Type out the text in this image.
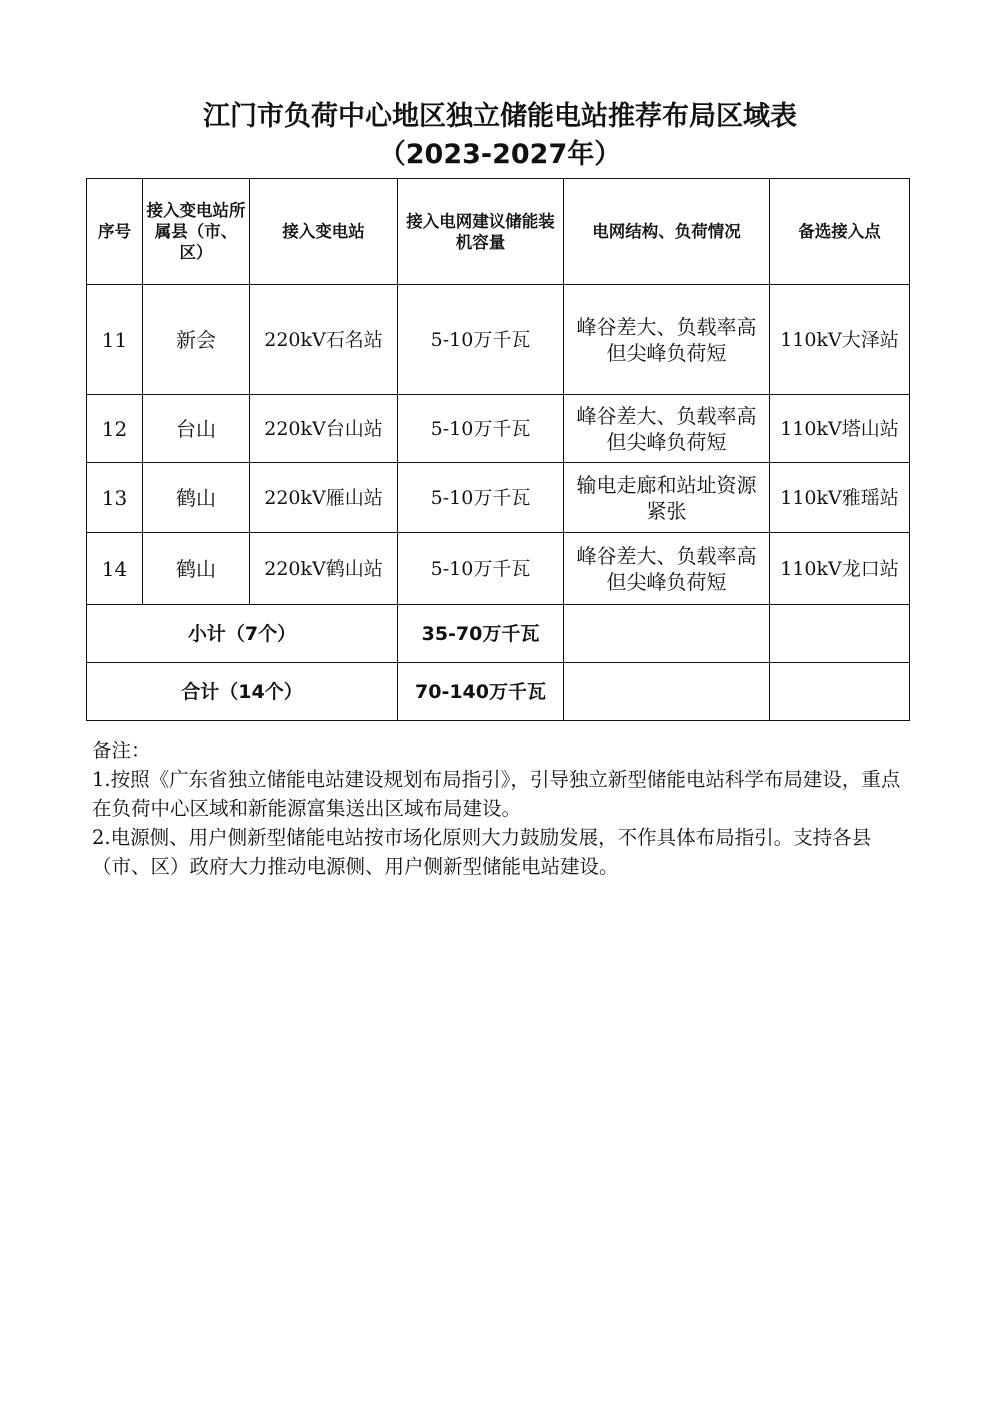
江门市负荷中心地区独立储能电站推荐布局区域表
（2023-2027年）
序号	接入变电站所属县（市、区）	接入变电站	接入电网建议储能装机容量	电网结构、负荷情况	备选接入点
11	新会	220kV石名站	5-10万千瓦	峰谷差大、负载率高但尖峰负荷短	110kV大泽站
12	台山	220kV台山站	5-10万千瓦	峰谷差大、负载率高但尖峰负荷短	110kV塔山站
13	鹤山	220kV雁山站	5-10万千瓦	输电走廊和站址资源紧张	110kV雅瑶站
14	鹤山	220kV鹤山站	5-10万千瓦	峰谷差大、负载率高但尖峰负荷短	110kV龙口站
小计（7个）			35-70万千瓦		
合计（14个）			70-140万千瓦		

备注：

1.按照《广东省独立储能电站建设规划布局指引》，引导独立新型储能电站科学布局建设，重点在负荷中心区域和新能源富集送出区域布局建设。

2.电源侧、用户侧新型储能电站按市场化原则大力鼓励发展，不作具体布局指引。支持各县（市、区）政府大力推动电源侧、用户侧新型储能电站建设。
